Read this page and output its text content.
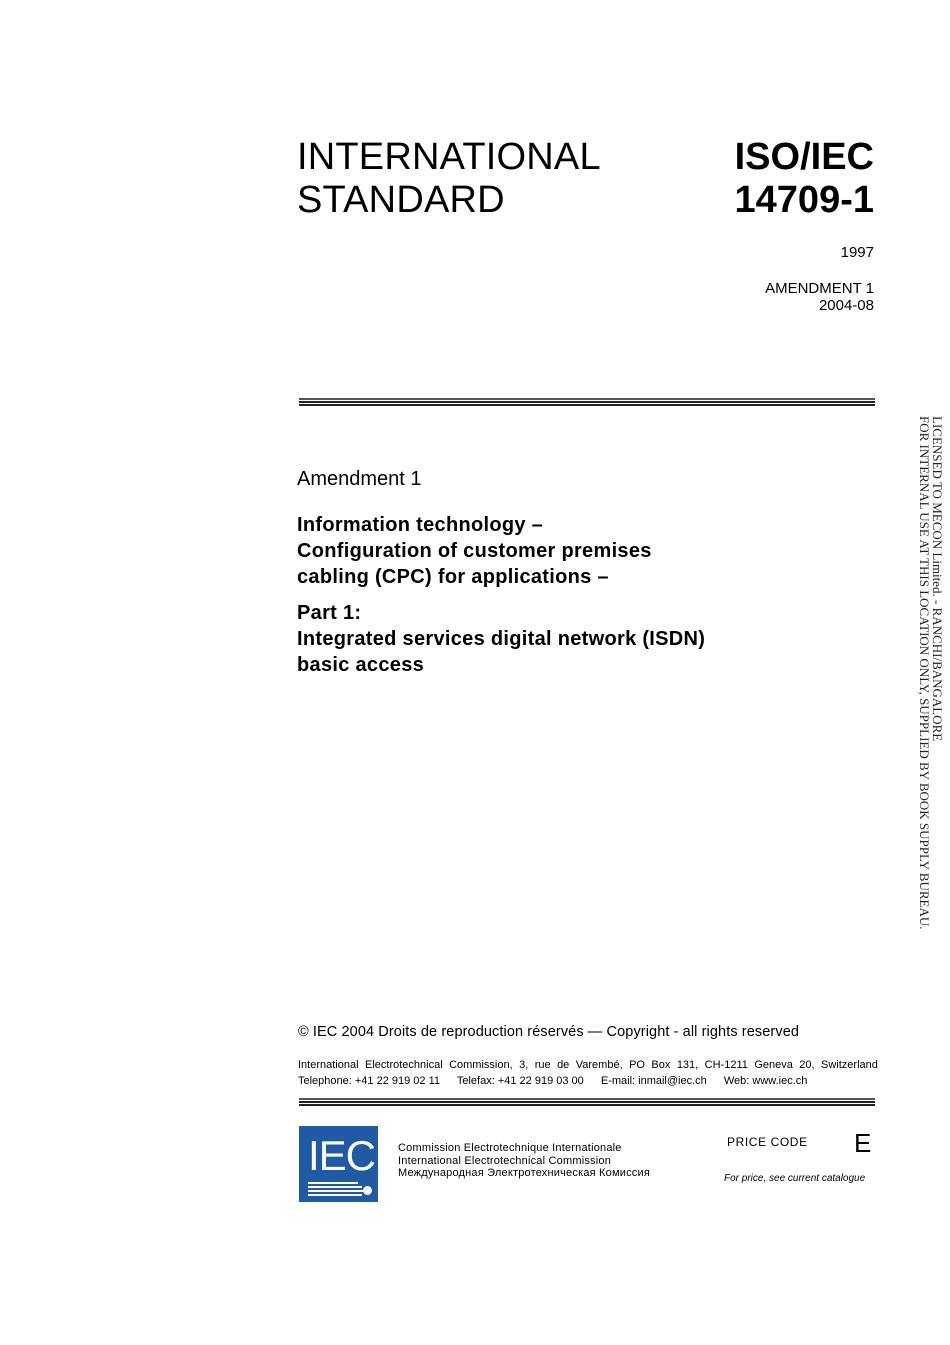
INTERNATIONAL
STANDARD
ISO/IEC
14709-1
1997
AMENDMENT 1
2004-08
Amendment 1
Information technology –
Configuration of customer premises
cabling (CPC) for applications –
Part 1:
Integrated services digital network (ISDN)
basic access	LICENSED TO MECON Limited. - RANCHI/BANGALORE
FOR INTERNAL USE AT THIS LOCATION ONLY, SUPPLIED BY BOOK SUPPLY BUREAU.
© IEC 2004 Droits de reproduction réservés — Copyright - all rights reserved
International Electrotechnical Commission, 3, rue de Varembé, PO Box 131, CH-1211 Geneva 20, Switzerland
Telephone: +41 22 919 02 11 Telefax: +41 22 919 03 00 E-mail: inmail@iec.ch Web: www.iec.ch
IEC Commission Electrotechnique Internationale
International Electrotechnical Commission
Международная Электротехническая Комиссия
PRICE CODE E
For price, see current catalogue
